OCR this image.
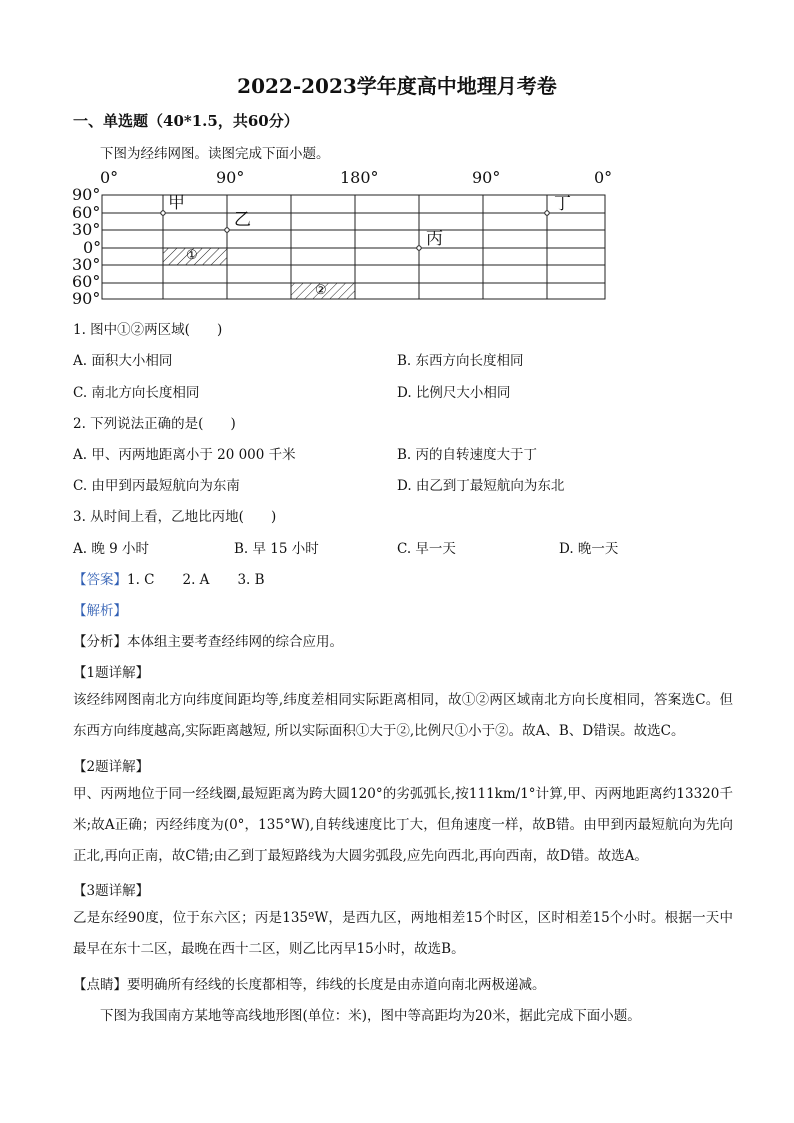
2022-2023学年度高中地理月考卷
一、单选题（40*1.5，共60分）
下图为经纬网图。读图完成下面小题。
0°	90°	180°	90°	0°
90°
60°
30°
0°
30°
60°
90°
甲
乙
丙
丁
①
②
1. 图中①②两区域(　　)
A. 面积大小相同	B. 东西方向长度相同
C. 南北方向长度相同	D. 比例尺大小相同
2. 下列说法正确的是(　　)
A. 甲、丙两地距离小于 20 000 千米	B. 丙的自转速度大于丁
C. 由甲到丙最短航向为东南	D. 由乙到丁最短航向为东北
3. 从时间上看，乙地比丙地(　　)
A. 晚 9 小时	B. 早 15 小时	C. 早一天	D. 晚一天
【答案】1. C 2. A 3. B
【解析】
【分析】本体组主要考查经纬网的综合应用。
【1题详解】
该经纬网图南北方向纬度间距均等,纬度差相同实际距离相同，故①②两区域南北方向长度相同，答案选C。但东西方向纬度越高,实际距离越短, 所以实际面积①大于②,比例尺①小于②。故A、B、D错误。故选C。
【2题详解】
甲、丙两地位于同一经线圈,最短距离为跨大圆120°的劣弧弧长,按111km/1°计算,甲、丙两地距离约13320千米;故A正确；丙经纬度为(0°，135°W),自转线速度比丁大，但角速度一样，故B错。由甲到丙最短航向为先向正北,再向正南，故C错;由乙到丁最短路线为大圆劣弧段,应先向西北,再向西南，故D错。故选A。
【3题详解】
乙是东经90度，位于东六区；丙是135ºW，是西九区，两地相差15个时区，区时相差15个小时。根据一天中最早在东十二区，最晚在西十二区，则乙比丙早15小时，故选B。
【点睛】要明确所有经线的长度都相等，纬线的长度是由赤道向南北两极递减。
下图为我国南方某地等高线地形图(单位：米)，图中等高距均为20米，据此完成下面小题。
